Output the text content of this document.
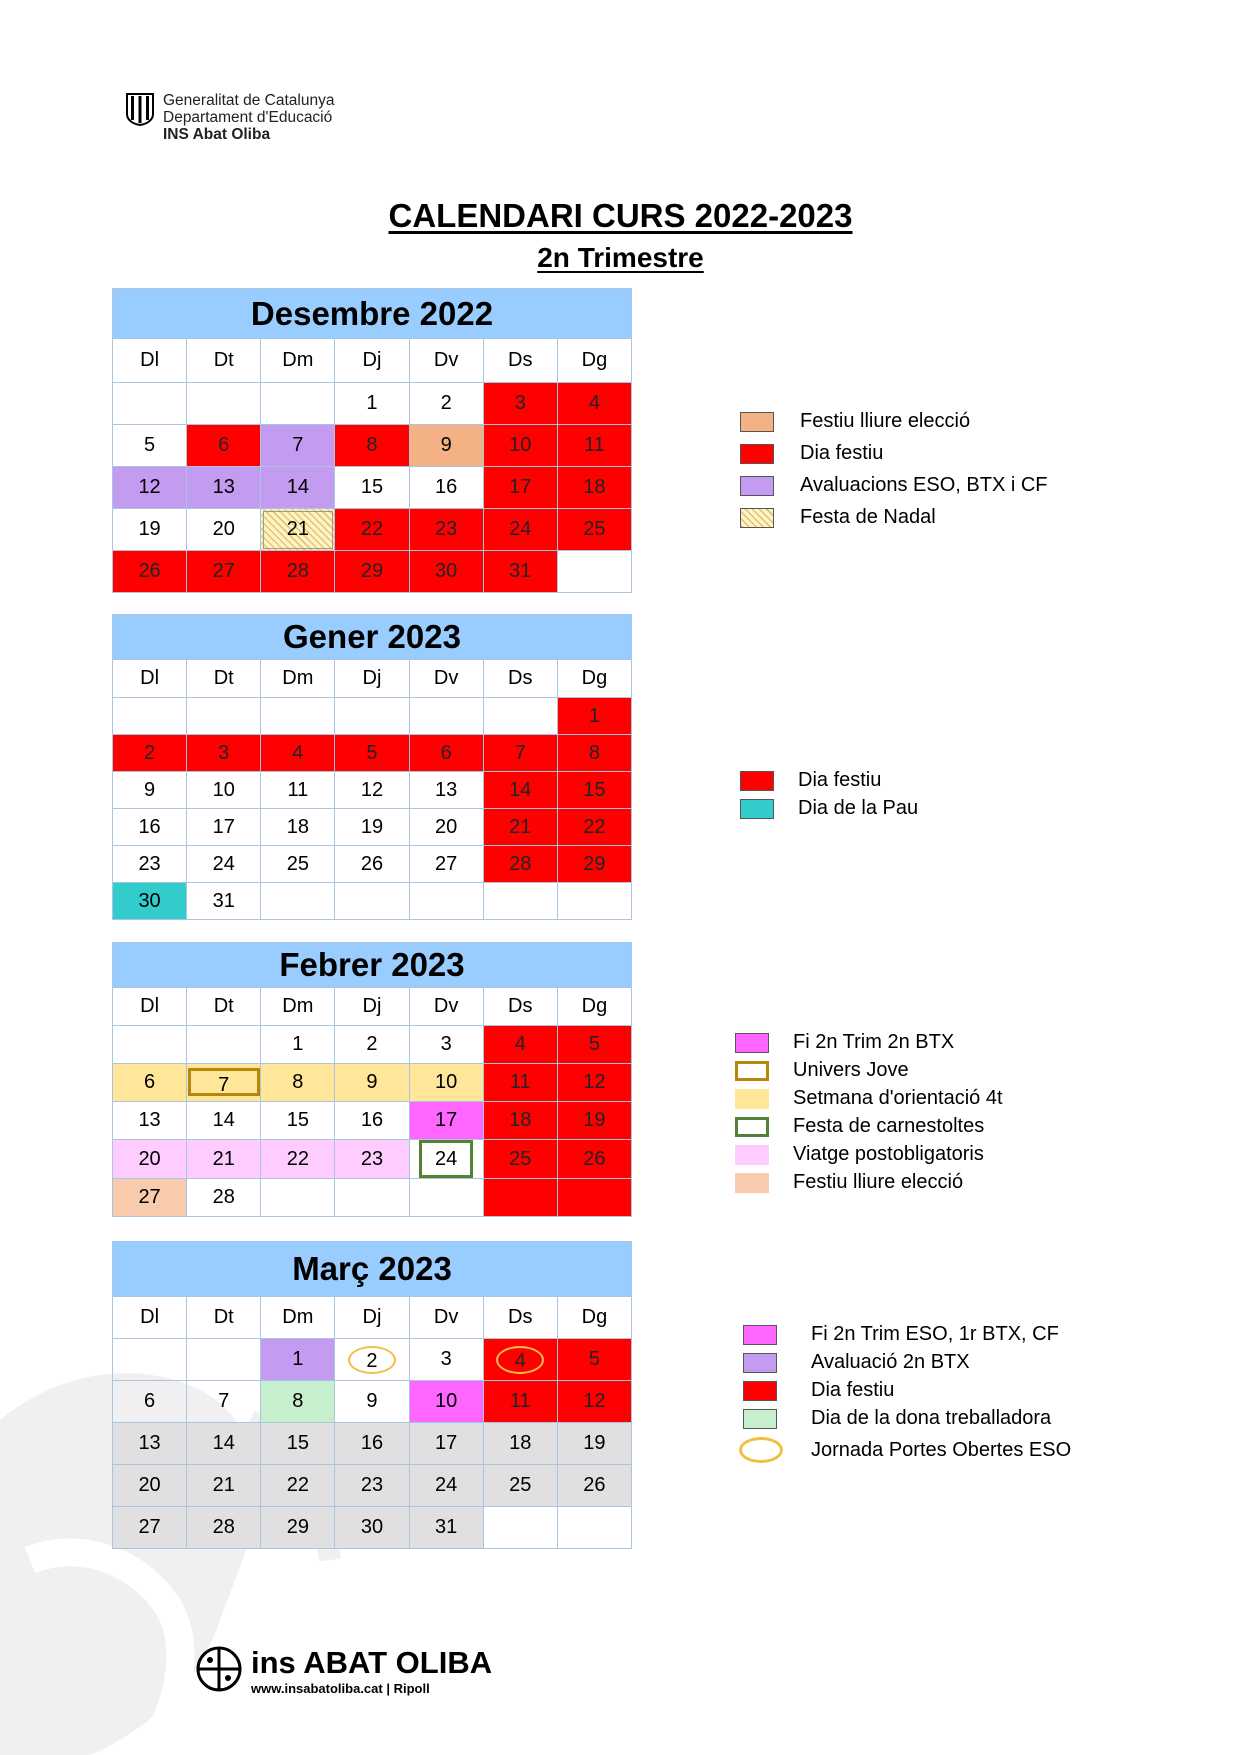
Generalitat de Catalunya
Departament d'Educació
INS Abat Oliba
CALENDARI CURS 2022-2023
2n Trimestre
Desembre 2022						
Dl	Dt	Dm	Dj	Dv	Ds	Dg
			1	2	3	4
5	6	7	8	9	10	11
12	13	14	15	16	17	18
19	20	21	22	23	24	25
26	27	28	29	30	31	
Gener 2023						
Dl	Dt	Dm	Dj	Dv	Ds	Dg
						1
2	3	4	5	6	7	8
9	10	11	12	13	14	15
16	17	18	19	20	21	22
23	24	25	26	27	28	29
30	31					
Febrer 2023						
Dl	Dt	Dm	Dj	Dv	Ds	Dg
		1	2	3	4	5
6	7	8	9	10	11	12
13	14	15	16	17	18	19
20	21	22	23	24	25	26
27	28					
Març 2023						
Dl	Dt	Dm	Dj	Dv	Ds	Dg
		1	2	3	4	5
6	7	8	9	10	11	12
13	14	15	16	17	18	19
20	21	22	23	24	25	26
27	28	29	30	31		
Festiu lliure elecció
Dia festiu
Avaluacions ESO, BTX i CF
Festa de Nadal
Dia festiu
Dia de la Pau
Fi 2n Trim 2n BTX
Univers Jove
Setmana d'orientació 4t
Festa de carnestoltes
Viatge postobligatoris
Festiu lliure elecció
Fi 2n Trim ESO, 1r BTX, CF
Avaluació 2n BTX
Dia festiu
Dia de la dona treballadora
Jornada Portes Obertes ESO
ins ABAT OLIBA
www.insabatoliba.cat | Ripoll
